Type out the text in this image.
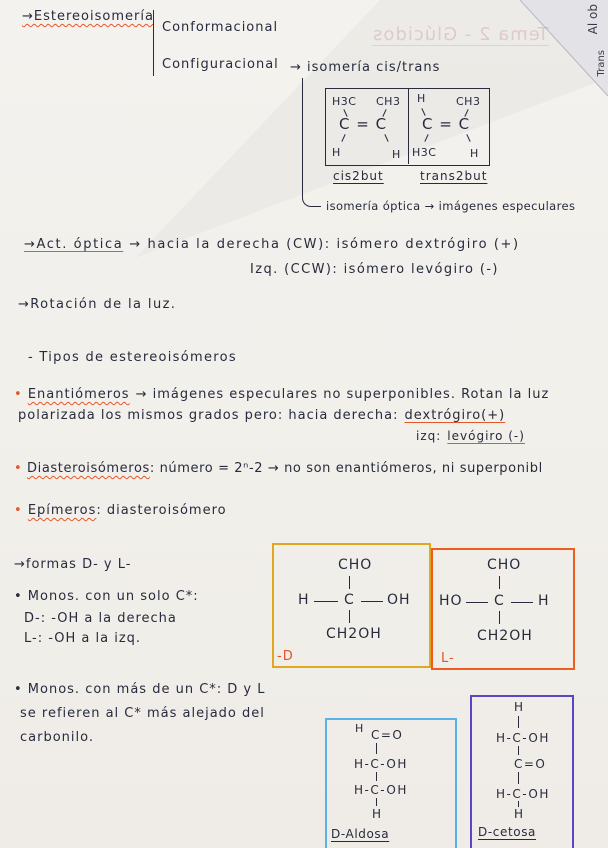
Al ob
Trans
Tema 2 - Glúcidos
→Estereoisomería
Conformacional
Configuracional → isomería cis/trans
H3C CH3
C = C
H	H
H	CH3
C = C
H3C	H
cis2but	trans2but
isomería óptica → imágenes especulares
→Act. óptica → hacia la derecha (CW): isómero dextrógiro (+)
Izq. (CCW): isómero levógiro (-)
→Rotación de la luz.
- Tipos de estereoisómeros
• Enantiómeros → imágenes especulares no superponibles. Rotan la luz
polarizada los mismos grados pero: hacia derecha: dextrógiro(+)
izq: levógiro (-)
• Diasteroisómeros: número = 2ⁿ-2 → no son enantiómeros, ni superponibl
• Epímeros: diasteroisómero
→formas D- y L-
• Monos. con un solo C*:
D-: -OH a la derecha
L-: -OH a la izq.
CHO
H C OH
CH2OH
-D
CHO
HO C H
CH2OH
L-
• Monos. con más de un C*: D y L
se refieren al C* más alejado del
carbonilo.
H C=O
H-C-OH
H-C-OH
H
D-Aldosa
H
H-C-OH
C=O
H-C-OH
H
D-cetosa
